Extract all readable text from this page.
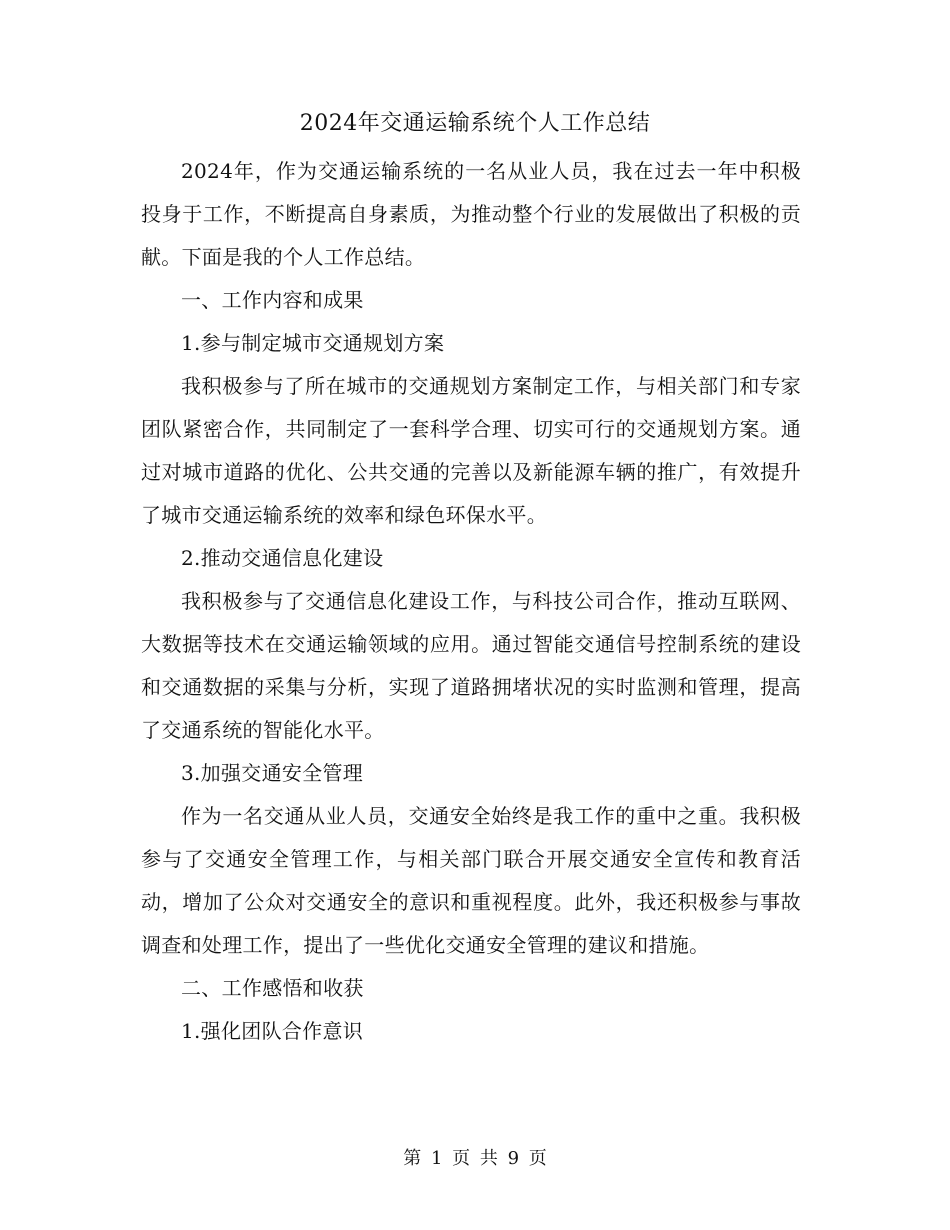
2024年交通运输系统个人工作总结

2024年，作为交通运输系统的一名从业人员，我在过去一年中积极投身于工作，不断提高自身素质，为推动整个行业的发展做出了积极的贡献。下面是我的个人工作总结。

一、工作内容和成果

1.参与制定城市交通规划方案

我积极参与了所在城市的交通规划方案制定工作，与相关部门和专家团队紧密合作，共同制定了一套科学合理、切实可行的交通规划方案。通过对城市道路的优化、公共交通的完善以及新能源车辆的推广，有效提升了城市交通运输系统的效率和绿色环保水平。

2.推动交通信息化建设

我积极参与了交通信息化建设工作，与科技公司合作，推动互联网、大数据等技术在交通运输领域的应用。通过智能交通信号控制系统的建设和交通数据的采集与分析，实现了道路拥堵状况的实时监测和管理，提高了交通系统的智能化水平。

3.加强交通安全管理

作为一名交通从业人员，交通安全始终是我工作的重中之重。我积极参与了交通安全管理工作，与相关部门联合开展交通安全宣传和教育活动，增加了公众对交通安全的意识和重视程度。此外，我还积极参与事故调查和处理工作，提出了一些优化交通安全管理的建议和措施。

二、工作感悟和收获

1.强化团队合作意识

第 1 页 共 9 页
